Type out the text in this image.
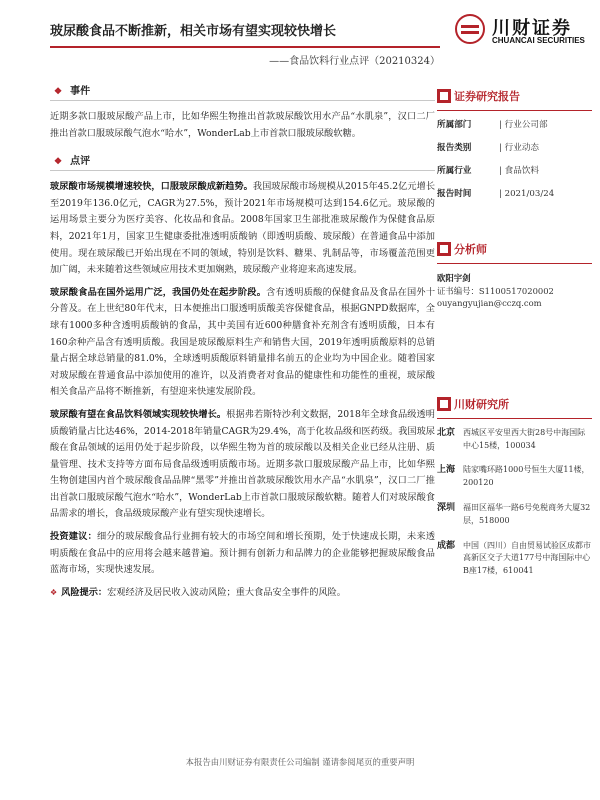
玻尿酸食品不断推新，相关市场有望实现较快增长	川财证券
CHUANCAI SECURITIES
——食品饮料行业点评（20210324）
❖ 事件

近期多款口服玻尿酸产品上市，比如华熙生物推出首款玻尿酸饮用水产品“水肌泉”，汉口二厂推出首款口服玻尿酸气泡水“哈水”，WonderLab上市首款口服玻尿酸软糖。

❖ 点评

玻尿酸市场规模增速较快，口服玻尿酸成新趋势。我国玻尿酸市场规模从2015年45.2亿元增长至2019年136.0亿元，CAGR为27.5%，预计2021年市场规模可达到154.6亿元。玻尿酸的运用场景主要分为医疗美容、化妆品和食品。2008年国家卫生部批准玻尿酸作为保健食品原料，2021年1月，国家卫生健康委批准透明质酸钠（即透明质酸、玻尿酸）在普通食品中添加使用。现在玻尿酸已开始出现在不同的领域，特别是饮料、糖果、乳制品等，市场覆盖范围更加广阔，未来随着这些领域应用技术更加娴熟，玻尿酸产业将迎来高速发展。

玻尿酸食品在国外运用广泛，我国仍处在起步阶段。含有透明质酸的保健食品及食品在国外十分普及。在上世纪80年代末，日本便推出口服透明质酸美容保健食品，根据GNPD数据库，全球有1000多种含透明质酸钠的食品，其中美国有近600种膳食补充剂含有透明质酸，日本有160余种产品含有透明质酸。我国是玻尿酸原料生产和销售大国，2019年透明质酸原料的总销量占据全球总销量的81.0%，全球透明质酸原料销量排名前五的企业均为中国企业。随着国家对玻尿酸在普通食品中添加使用的准许，以及消费者对食品的健康性和功能性的重视，玻尿酸相关食品产品将不断推新，有望迎来快速发展阶段。

玻尿酸有望在食品饮料领域实现较快增长。根据弗若斯特沙利文数据，2018年全球食品级透明质酸销量占比达46%，2014-2018年销量CAGR为29.4%，高于化妆品级和医药级。我国玻尿酸在食品领域的运用仍处于起步阶段，以华熙生物为首的玻尿酸以及相关企业已经从注册、质量管理、技术支持等方面布局食品级透明质酸市场。近期多款口服玻尿酸产品上市，比如华熙生物创建国内首个玻尿酸食品品牌“黑零”并推出首款玻尿酸饮用水产品“水肌泉”，汉口二厂推出首款口服玻尿酸气泡水“哈水”，WonderLab上市首款口服玻尿酸软糖。随着人们对玻尿酸食品需求的增长，食品级玻尿酸产业有望实现快速增长。

投资建议：细分的玻尿酸食品行业拥有较大的市场空间和增长预期，处于快速成长期，未来透明质酸在食品中的应用将会越来越普遍。预计拥有创新力和品牌力的企业能够把握玻尿酸食品蓝海市场，实现快速发展。

❖ 风险提示：宏观经济及居民收入波动风险；重大食品安全事件的风险。

证券研究报告
所属部门	| 行业公司部
报告类别	| 行业动态
所属行业	| 食品饮料
报告时间	| 2021/03/24
分析师
欧阳宇剑
证书编号：S1100517020002
ouyangyujian@cczq.com
川财研究所
北京 西城区平安里西大街28号中海国际中心15楼，100034
上海 陆家嘴环路1000号恒生大厦11楼，200120
深圳 福田区福华一路6号免税商务大厦32层，518000
成都 中国（四川）自由贸易试验区成都市高新区交子大道177号中海国际中心B座17楼，610041
本报告由川财证券有限责任公司编制 谨请参阅尾页的重要声明
